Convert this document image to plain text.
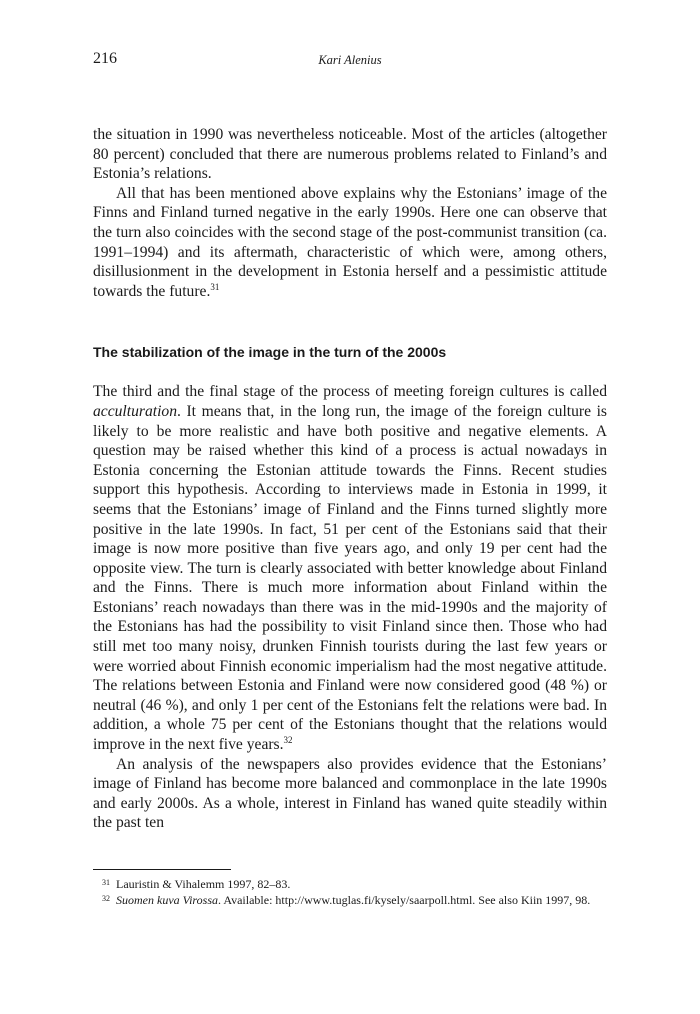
216	Kari Alenius

the situation in 1990 was nevertheless noticeable. Most of the articles (altogether 80 percent) concluded that there are numerous problems related to Finland’s and Estonia’s relations.

All that has been mentioned above explains why the Estonians’ image of the Finns and Finland turned negative in the early 1990s. Here one can observe that the turn also coincides with the second stage of the post-communist transition (ca. 1991–1994) and its aftermath, characteristic of which were, among others, disillusionment in the development in Estonia herself and a pessimistic attitude towards the future.$^{31}$

The stabilization of the image in the turn of the 2000s

The third and the final stage of the process of meeting foreign cultures is called acculturation. It means that, in the long run, the image of the foreign culture is likely to be more realistic and have both positive and negative elements. A question may be raised whether this kind of a process is actual nowadays in Estonia concerning the Estonian attitude towards the Finns. Recent studies support this hypothesis. According to interviews made in Estonia in 1999, it seems that the Estonians’ image of Finland and the Finns turned slightly more positive in the late 1990s. In fact, 51 per cent of the Estonians said that their image is now more positive than five years ago, and only 19 per cent had the opposite view. The turn is clearly associated with better knowledge about Finland and the Finns. There is much more information about Finland within the Estonians’ reach nowadays than there was in the mid-1990s and the majority of the Estonians has had the possibility to visit Finland since then. Those who had still met too many noisy, drunken Finnish tourists during the last few years or were worried about Finnish economic imperialism had the most negative attitude. The relations between Estonia and Finland were now considered good (48 %) or neutral (46 %), and only 1 per cent of the Estonians felt the relations were bad. In addition, a whole 75 per cent of the Estonians thought that the relations would improve in the next five years.$^{32}$

An analysis of the newspapers also provides evidence that the Estonians’ image of Finland has become more balanced and commonplace in the late 1990s and early 2000s. As a whole, interest in Finland has waned quite steadily within the past ten

31 Lauristin & Vihalemm 1997, 82–83.
32 Suomen kuva Virossa. Available: http://www.tuglas.fi/kysely/saarpoll.html. See also Kiin 1997, 98.
